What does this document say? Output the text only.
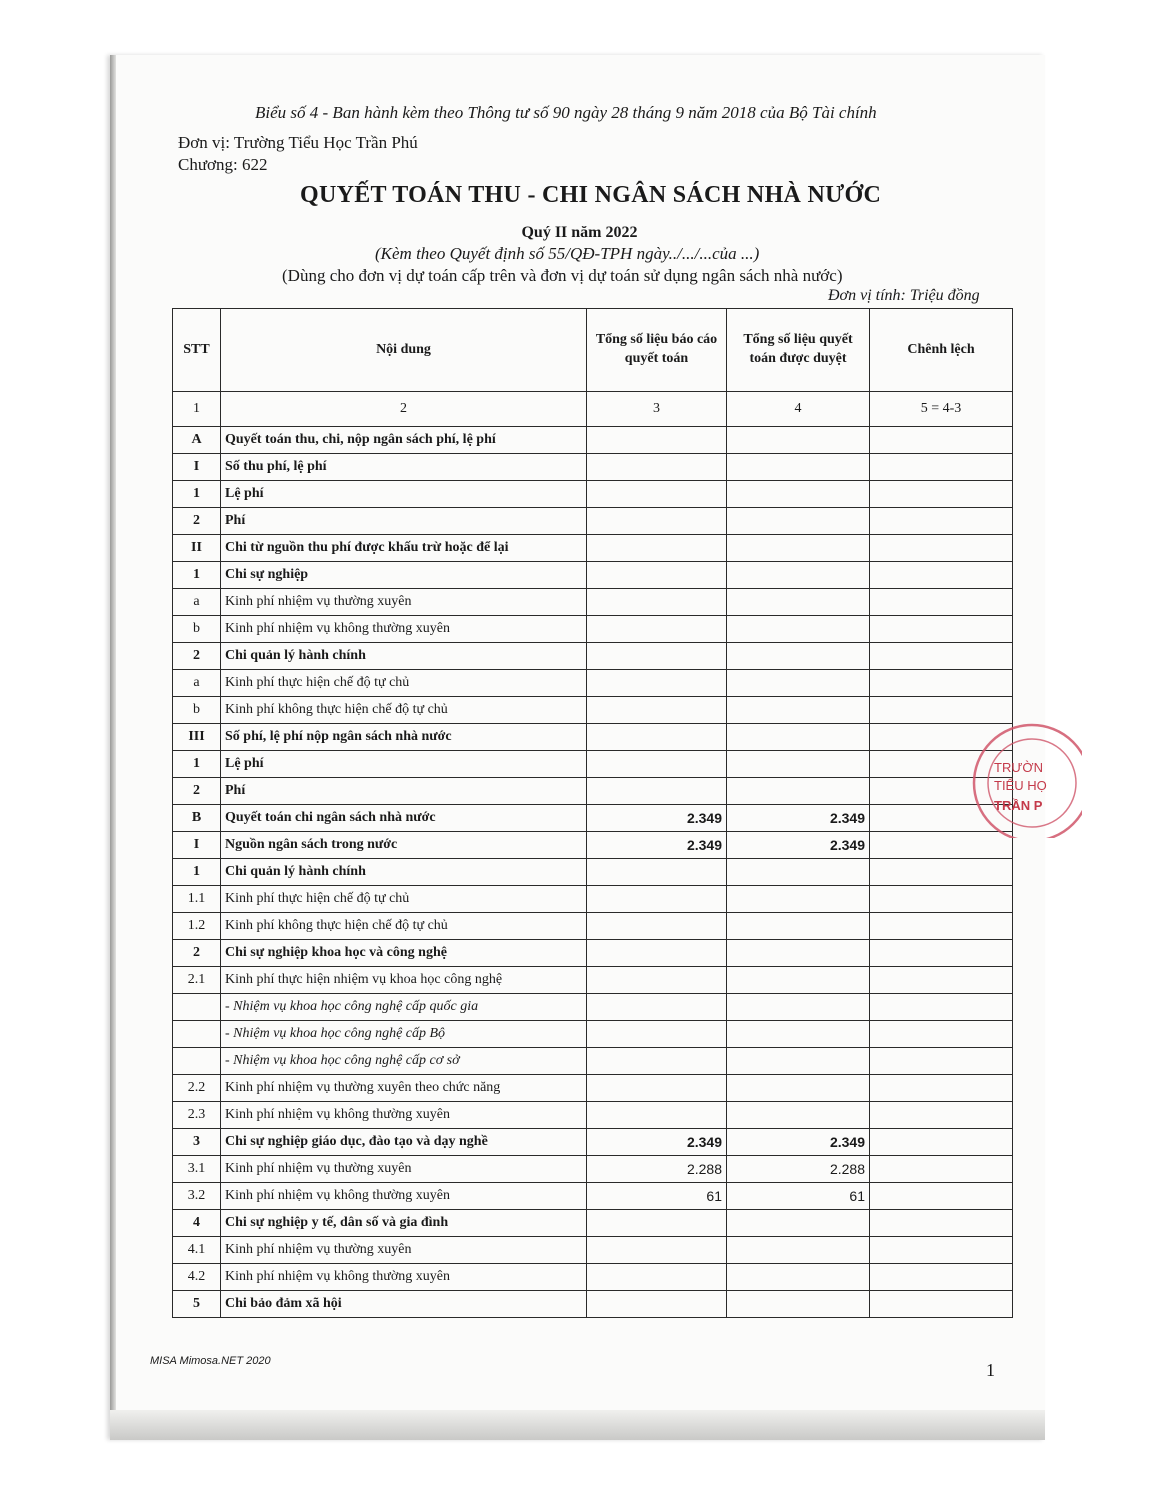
Biểu số 4 - Ban hành kèm theo Thông tư số 90 ngày 28 tháng 9 năm 2018 của Bộ Tài chính
Đơn vị: Trường Tiểu Học Trần Phú
Chương: 622
QUYẾT TOÁN THU - CHI NGÂN SÁCH NHÀ NƯỚC
Quý II năm 2022
(Kèm theo Quyết định số 55/QĐ-TPH ngày../.../...của ...)
(Dùng cho đơn vị dự toán cấp trên và đơn vị dự toán sử dụng ngân sách nhà nước)
Đơn vị tính: Triệu đồng
STT	Nội dung	Tổng số liệu báo cáo quyết toán	Tổng số liệu quyết toán được duyệt	Chênh lệch
1	2	3	4	5 = 4-3
A	Quyết toán thu, chi, nộp ngân sách phí, lệ phí			
I	Số thu phí, lệ phí			
1	Lệ phí			
2	Phí			
II	Chi từ nguồn thu phí được khấu trừ hoặc để lại			
1	Chi sự nghiệp			
a	Kinh phí nhiệm vụ thường xuyên			
b	Kinh phí nhiệm vụ không thường xuyên			
2	Chi quản lý hành chính			
a	Kinh phí thực hiện chế độ tự chủ			
b	Kinh phí không thực hiện chế độ tự chủ			
III	Số phí, lệ phí nộp ngân sách nhà nước			
1	Lệ phí			
2	Phí			
B	Quyết toán chi ngân sách nhà nước	2.349	2.349	
I	Nguồn ngân sách trong nước	2.349	2.349	
1	Chi quản lý hành chính			
1.1	Kinh phí thực hiện chế độ tự chủ			
1.2	Kinh phí không thực hiện chế độ tự chủ			
2	Chi sự nghiệp khoa học và công nghệ			
2.1	Kinh phí thực hiện nhiệm vụ khoa học công nghệ			
	- Nhiệm vụ khoa học công nghệ cấp quốc gia			
	- Nhiệm vụ khoa học công nghệ cấp Bộ			
	- Nhiệm vụ khoa học công nghệ cấp cơ sở			
2.2	Kinh phí nhiệm vụ thường xuyên theo chức năng			
2.3	Kinh phí nhiệm vụ không thường xuyên			
3	Chi sự nghiệp giáo dục, đào tạo và dạy nghề	2.349	2.349	
3.1	Kinh phí nhiệm vụ thường xuyên	2.288	2.288	
3.2	Kinh phí nhiệm vụ không thường xuyên	61	61	
4	Chi sự nghiệp y tế, dân số và gia đình			
4.1	Kinh phí nhiệm vụ thường xuyên			
4.2	Kinh phí nhiệm vụ không thường xuyên			
5	Chi bảo đảm xã hội			
TRƯỜN
TIỂU HỌ
TRẦN P
MISA Mimosa.NET 2020	1
